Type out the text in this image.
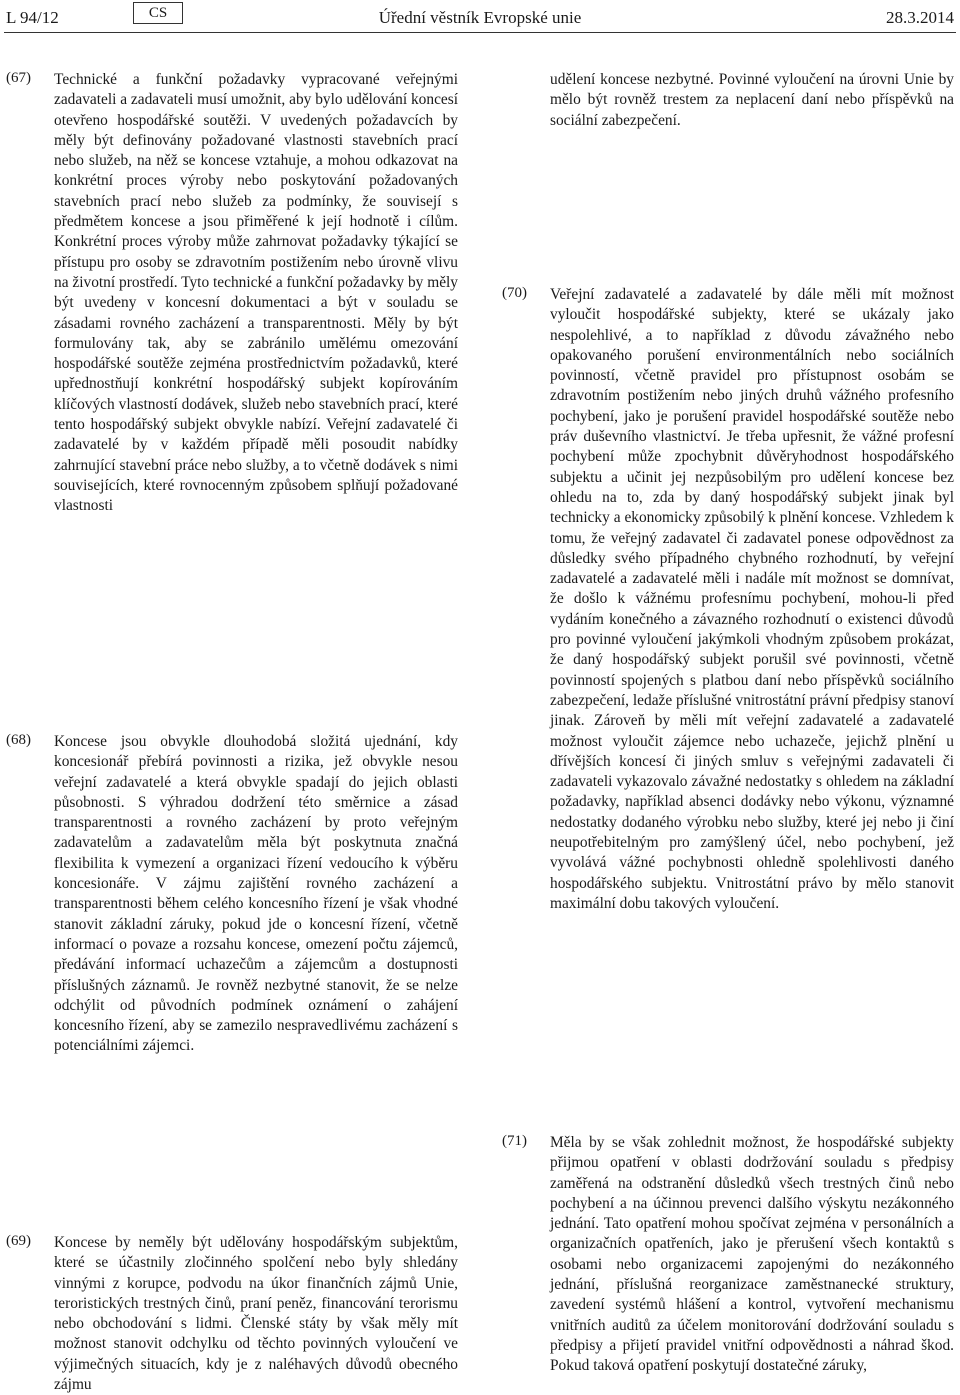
L 94/12	Úřední věstník Evropské unie
CS	28.3.2014
(67)	Technické a funkční požadavky vypracované veřejnými zadavateli a zadavateli musí umožnit, aby bylo udělování koncesí otevřeno hospodářské soutěži. V uvedených požadavcích by měly být definovány požadované vlastnosti stavebních prací nebo služeb, na něž se koncese vztahuje, a mohou odkazovat na konkrétní proces výroby nebo poskytování požadovaných stavebních prací nebo služeb za podmínky, že souvisejí s předmětem koncese a jsou přiměřené k její hodnotě i cílům. Konkrétní proces výroby může zahrnovat požadavky týkající se přístupu pro osoby se zdravotním postižením nebo úrovně vlivu na životní prostředí. Tyto technické a funkční požadavky by měly být uvedeny v koncesní dokumentaci a být v souladu se zásadami rovného zacházení a transparentnosti. Měly by být formulovány tak, aby se zabránilo umělému omezování hospodářské soutěže zejména prostřednictvím požadavků, které upřednostňují konkrétní hospodářský subjekt kopírováním klíčových vlastností dodávek, služeb nebo stavebních prací, které tento hospodářský subjekt obvykle nabízí. Veřejní zadavatelé či zadavatelé by v každém případě měli posoudit nabídky zahrnující stavební práce nebo služby, a to včetně dodávek s nimi souvisejících, které rovnocenným způsobem splňují požadované vlastnosti
(68)	Koncese jsou obvykle dlouhodobá složitá ujednání, kdy koncesionář přebírá povinnosti a rizika, jež obvykle nesou veřejní zadavatelé a která obvykle spadají do jejich oblasti působnosti. S výhradou dodržení této směrnice a zásad transparentnosti a rovného zacházení by proto veřejným zadavatelům a zadavatelům měla být poskytnuta značná flexibilita k vymezení a organizaci řízení vedoucího k výběru koncesionáře. V zájmu zajištění rovného zacházení a transparentnosti během celého koncesního řízení je však vhodné stanovit základní záruky, pokud jde o koncesní řízení, včetně informací o povaze a rozsahu koncese, omezení počtu zájemců, předávání informací uchazečům a zájemcům a dostupnosti příslušných záznamů. Je rovněž nezbytné stanovit, že se nelze odchýlit od původních podmínek oznámení o zahájení koncesního řízení, aby se zamezilo nespravedlivému zacházení s potenciálními zájemci.
(69)	Koncese by neměly být udělovány hospodářským subjektům, které se účastnily zločinného spolčení nebo byly shledány vinnými z korupce, podvodu na úkor finančních zájmů Unie, teroristických trestných činů, praní peněz, financování terorismu nebo obchodování s lidmi. Členské státy by však měly mít možnost stanovit odchylku od těchto povinných vyloučení ve výjimečných situacích, kdy je z naléhavých důvodů obecného zájmu
udělení koncese nezbytné. Povinné vyloučení na úrovni Unie by mělo být rovněž trestem za neplacení daní nebo příspěvků na sociální zabezpečení.
(70)	Veřejní zadavatelé a zadavatelé by dále měli mít možnost vyloučit hospodářské subjekty, které se ukázaly jako nespolehlivé, a to například z důvodu závažného nebo opakovaného porušení environmentálních nebo sociálních povinností, včetně pravidel pro přístupnost osobám se zdravotním postižením nebo jiných druhů vážného profesního pochybení, jako je porušení pravidel hospodářské soutěže nebo práv duševního vlastnictví. Je třeba upřesnit, že vážné profesní pochybení může zpochybnit důvěryhodnost hospodářského subjektu a učinit jej nezpůsobilým pro udělení koncese bez ohledu na to, zda by daný hospodářský subjekt jinak byl technicky a ekonomicky způsobilý k plnění koncese. Vzhledem k tomu, že veřejný zadavatel či zadavatel ponese odpovědnost za důsledky svého případného chybného rozhodnutí, by veřejní zadavatelé a zadavatelé měli i nadále mít možnost se domnívat, že došlo k vážnému profesnímu pochybení, mohou-li před vydáním konečného a závazného rozhodnutí o existenci důvodů pro povinné vyloučení jakýmkoli vhodným způsobem prokázat, že daný hospodářský subjekt porušil své povinnosti, včetně povinností spojených s platbou daní nebo příspěvků sociálního zabezpečení, ledaže příslušné vnitrostátní právní předpisy stanoví jinak. Zároveň by měli mít veřejní zadavatelé a zadavatelé možnost vyloučit zájemce nebo uchazeče, jejichž plnění u dřívějších koncesí či jiných smluv s veřejnými zadavateli či zadavateli vykazovalo závažné nedostatky s ohledem na základní požadavky, například absenci dodávky nebo výkonu, významné nedostatky dodaného výrobku nebo služby, které jej nebo ji činí neupotřebitelným pro zamýšlený účel, nebo pochybení, jež vyvolává vážné pochybnosti ohledně spolehlivosti daného hospodářského subjektu. Vnitrostátní právo by mělo stanovit maximální dobu takových vyloučení.
(71)	Měla by se však zohlednit možnost, že hospodářské subjekty přijmou opatření v oblasti dodržování souladu s předpisy zaměřená na odstranění důsledků všech trestných činů nebo pochybení a na účinnou prevenci dalšího výskytu nezákonného jednání. Tato opatření mohou spočívat zejména v personálních a organizačních opatřeních, jako je přerušení všech kontaktů s osobami nebo organizacemi zapojenými do nezákonného jednání, příslušná reorganizace zaměstnanecké struktury, zavedení systémů hlášení a kontrol, vytvoření mechanismu vnitřních auditů za účelem monitorování dodržování souladu s předpisy a přijetí pravidel vnitřní odpovědnosti a náhrad škod. Pokud taková opatření poskytují dostatečné záruky,
